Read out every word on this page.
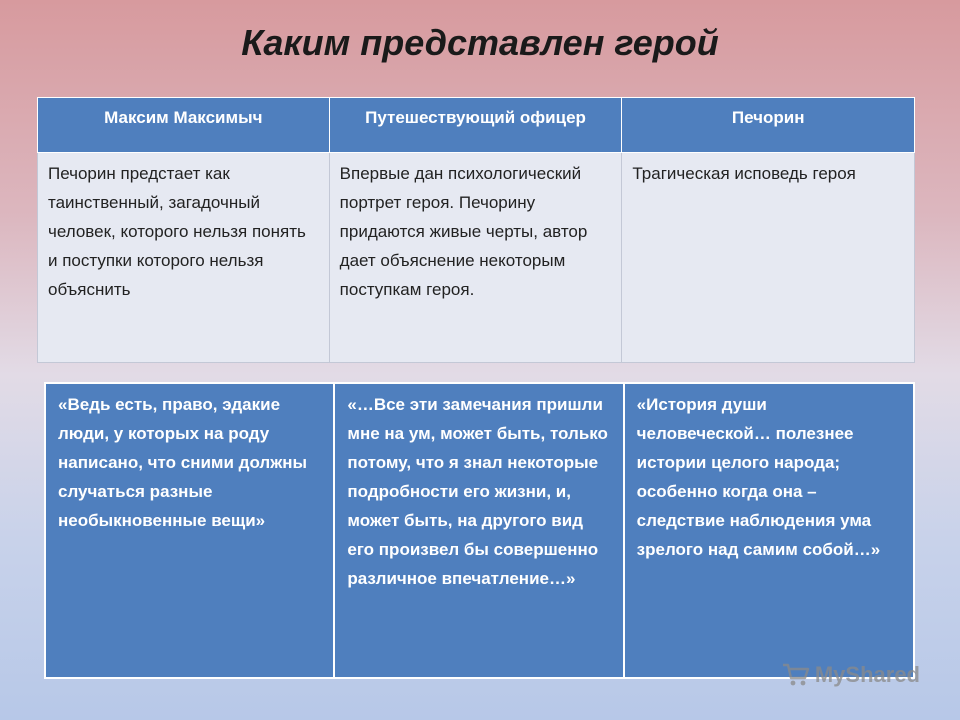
Каким представлен герой
Максим Максимыч	Путешествующий офицер	Печорин
Печорин предстает как таинственный, загадочный человек, которого нельзя понять и поступки которого нельзя объяснить	Впервые дан психологический портрет героя. Печорину придаются живые черты, автор дает объяснение некоторым поступкам героя.	Трагическая исповедь героя
«Ведь есть, право, эдакие люди, у которых на роду написано, что сними должны случаться разные необыкновенные вещи»	«…Все эти замечания пришли мне на ум, может быть, только потому, что я знал некоторые подробности его жизни, и, может быть, на другого вид его произвел бы совершенно различное впечатление…»	«История души человеческой… полезнее истории целого народа; особенно когда она – следствие наблюдения ума зрелого над самим собой…»
MyShared
